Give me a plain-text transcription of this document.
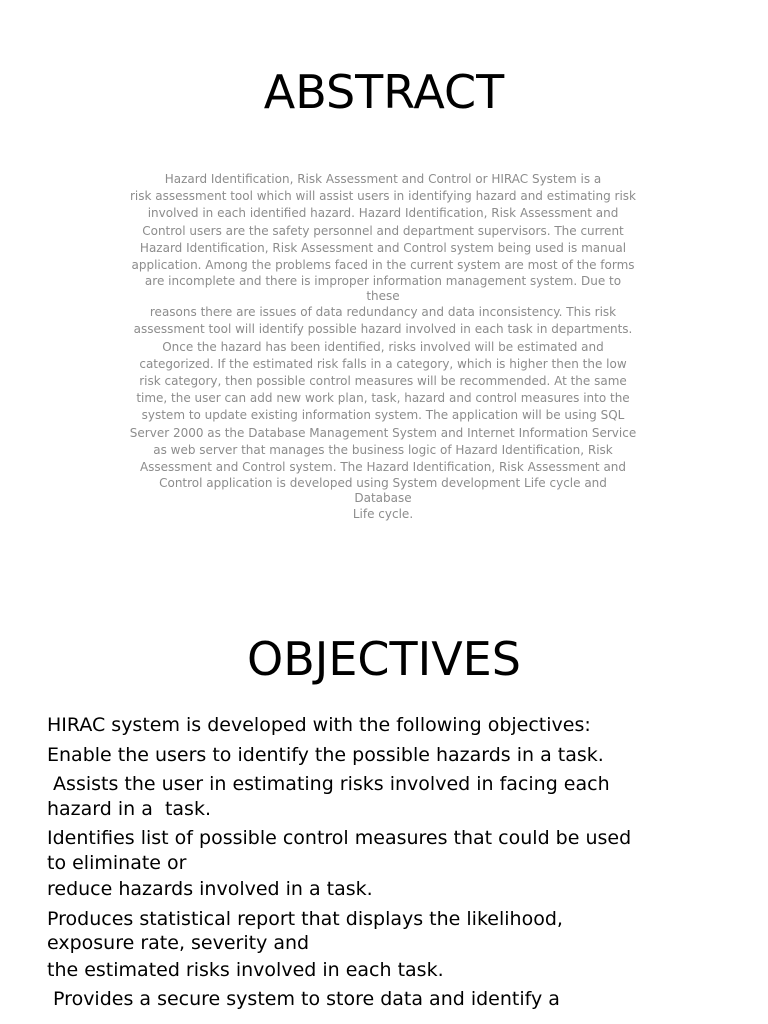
ABSTRACT
Hazard Identification, Risk Assessment and Control or HIRAC System is a
risk assessment tool which will assist users in identifying hazard and estimating risk
involved in each identified hazard. Hazard Identification, Risk Assessment and
Control users are the safety personnel and department supervisors. The current
Hazard Identification, Risk Assessment and Control system being used is manual
application. Among the problems faced in the current system are most of the forms
are incomplete and there is improper information management system. Due to
these
reasons there are issues of data redundancy and data inconsistency. This risk
assessment tool will identify possible hazard involved in each task in departments.
Once the hazard has been identified, risks involved will be estimated and
categorized. If the estimated risk falls in a category, which is higher then the low
risk category, then possible control measures will be recommended. At the same
time, the user can add new work plan, task, hazard and control measures into the
system to update existing information system. The application will be using SQL
Server 2000 as the Database Management System and Internet Information Service
as web server that manages the business logic of Hazard Identification, Risk
Assessment and Control system. The Hazard Identification, Risk Assessment and
Control application is developed using System development Life cycle and
Database
Life cycle.
OBJECTIVES
HIRAC system is developed with the following objectives:
Enable the users to identify the possible hazards in a task.
Assists the user in estimating risks involved in facing each
hazard in a  task.
Identifies list of possible control measures that could be used
to eliminate or
reduce hazards involved in a task.
Produces statistical report that displays the likelihood,
exposure rate, severity and
the estimated risks involved in each task.
Provides a secure system to store data and identify a
